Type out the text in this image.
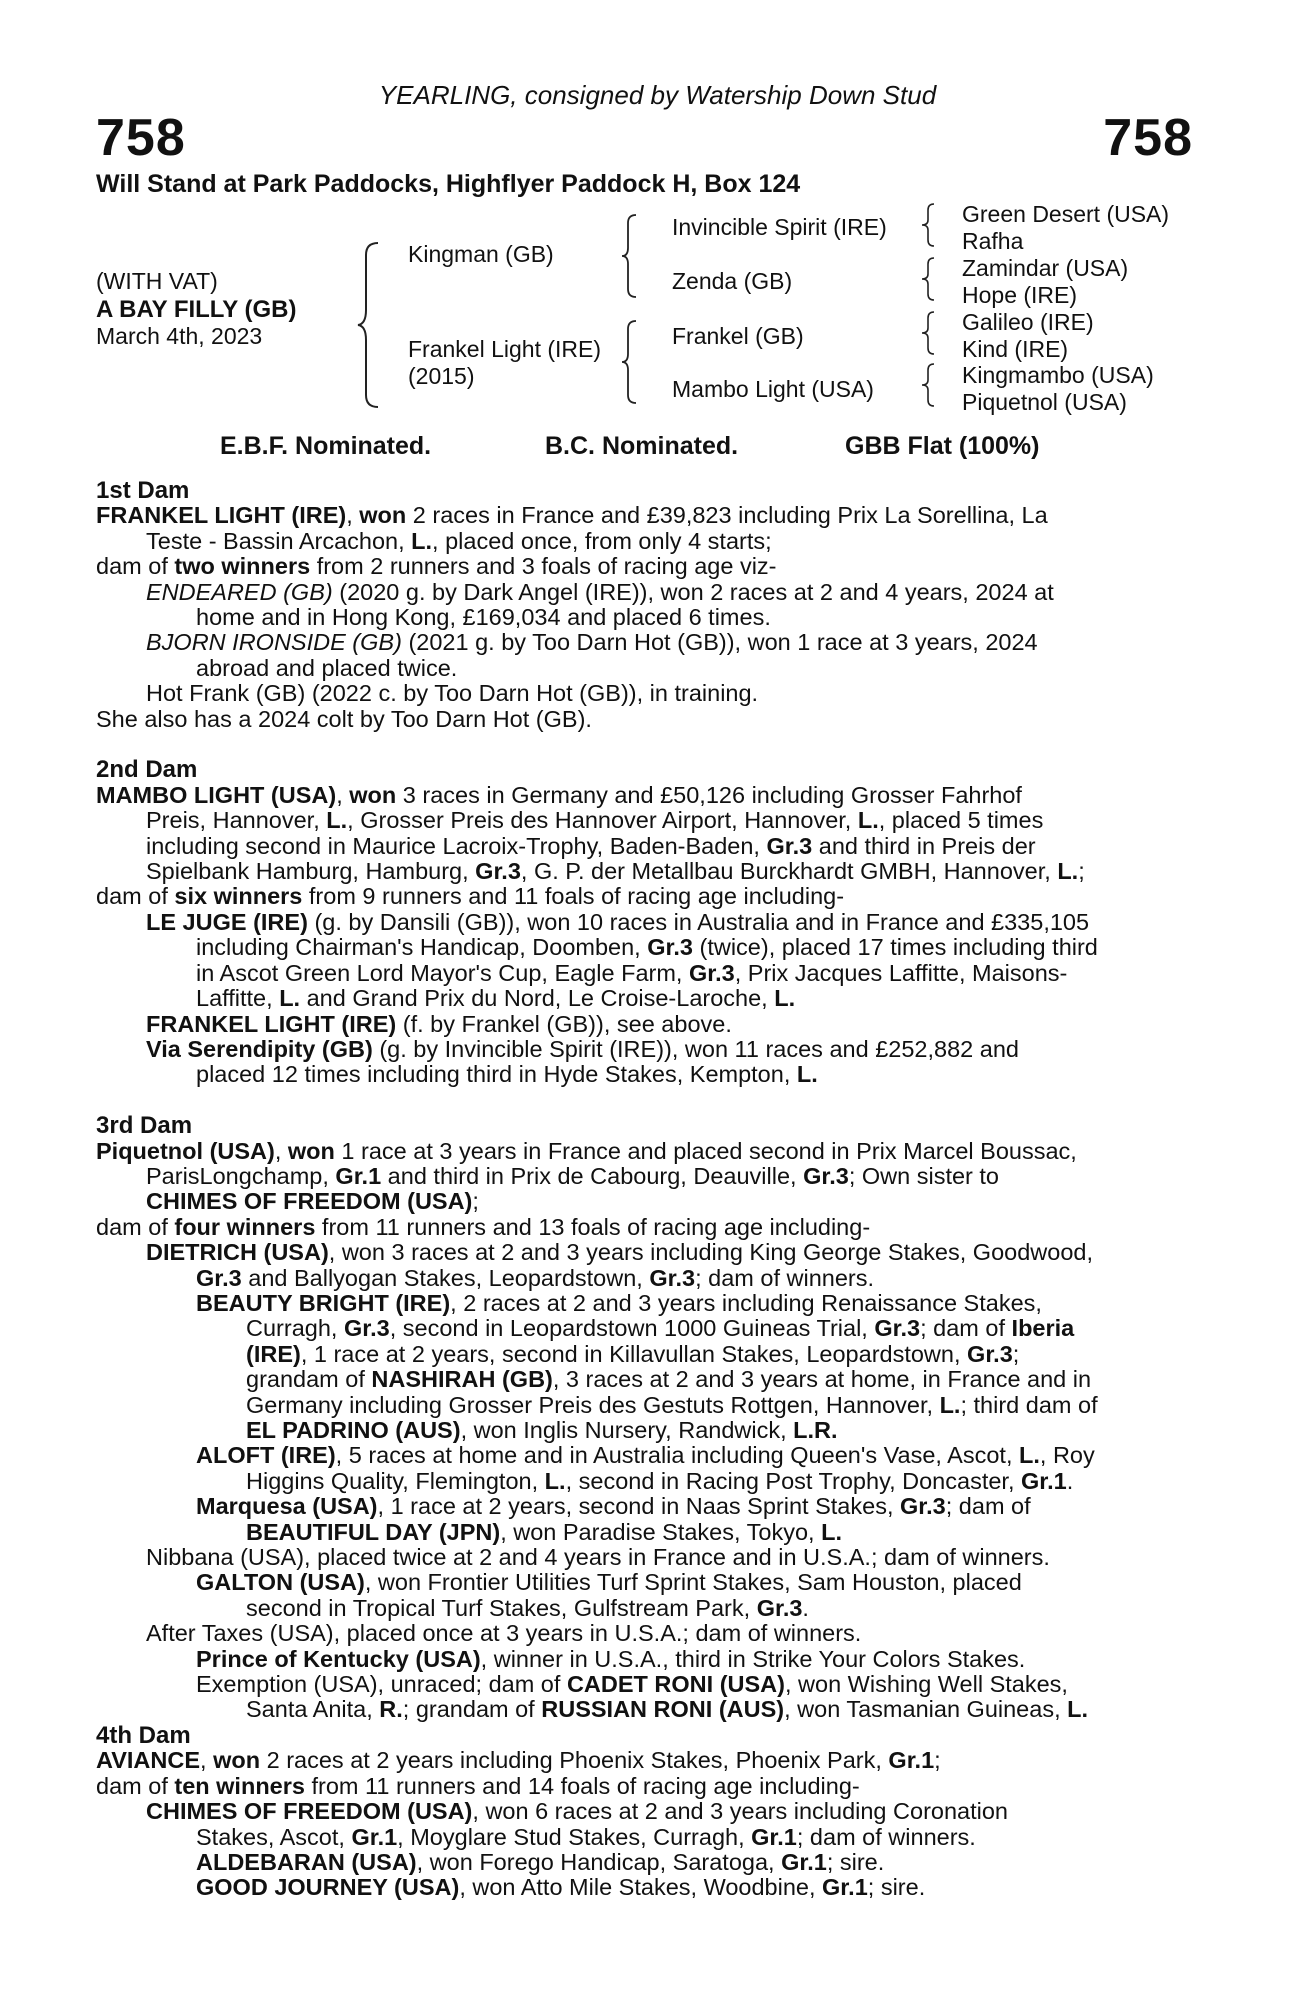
YEARLING, consigned by Watership Down Stud
758	758
Will Stand at Park Paddocks, Highflyer Paddock H, Box 124
(WITH VAT)
A BAY FILLY (GB)
March 4th, 2023
Kingman (GB)
Frankel Light (IRE)
(2015)
Invincible Spirit (IRE)
Zenda (GB)
Frankel (GB)
Mambo Light (USA)
Green Desert (USA)
Rafha
Zamindar (USA)
Hope (IRE)
Galileo (IRE)
Kind (IRE)
Kingmambo (USA)
Piquetnol (USA)
E.B.F. Nominated.	B.C. Nominated.	GBB Flat (100%)
1st Dam
FRANKEL LIGHT (IRE), won 2 races in France and £39,823 including Prix La Sorellina, La
Teste - Bassin Arcachon, L., placed once, from only 4 starts;
dam of two winners from 2 runners and 3 foals of racing age viz-
ENDEARED (GB) (2020 g. by Dark Angel (IRE)), won 2 races at 2 and 4 years, 2024 at
home and in Hong Kong, £169,034 and placed 6 times.
BJORN IRONSIDE (GB) (2021 g. by Too Darn Hot (GB)), won 1 race at 3 years, 2024
abroad and placed twice.
Hot Frank (GB) (2022 c. by Too Darn Hot (GB)), in training.
She also has a 2024 colt by Too Darn Hot (GB).
2nd Dam
MAMBO LIGHT (USA), won 3 races in Germany and £50,126 including Grosser Fahrhof
Preis, Hannover, L., Grosser Preis des Hannover Airport, Hannover, L., placed 5 times
including second in Maurice Lacroix-Trophy, Baden-Baden, Gr.3 and third in Preis der
Spielbank Hamburg, Hamburg, Gr.3, G. P. der Metallbau Burckhardt GMBH, Hannover, L.;
dam of six winners from 9 runners and 11 foals of racing age including-
LE JUGE (IRE) (g. by Dansili (GB)), won 10 races in Australia and in France and £335,105
including Chairman's Handicap, Doomben, Gr.3 (twice), placed 17 times including third
in Ascot Green Lord Mayor's Cup, Eagle Farm, Gr.3, Prix Jacques Laffitte, Maisons-
Laffitte, L. and Grand Prix du Nord, Le Croise-Laroche, L.
FRANKEL LIGHT (IRE) (f. by Frankel (GB)), see above.
Via Serendipity (GB) (g. by Invincible Spirit (IRE)), won 11 races and £252,882 and
placed 12 times including third in Hyde Stakes, Kempton, L.
3rd Dam
Piquetnol (USA), won 1 race at 3 years in France and placed second in Prix Marcel Boussac,
ParisLongchamp, Gr.1 and third in Prix de Cabourg, Deauville, Gr.3; Own sister to
CHIMES OF FREEDOM (USA);
dam of four winners from 11 runners and 13 foals of racing age including-
DIETRICH (USA), won 3 races at 2 and 3 years including King George Stakes, Goodwood,
Gr.3 and Ballyogan Stakes, Leopardstown, Gr.3; dam of winners.
BEAUTY BRIGHT (IRE), 2 races at 2 and 3 years including Renaissance Stakes,
Curragh, Gr.3, second in Leopardstown 1000 Guineas Trial, Gr.3; dam of Iberia
(IRE), 1 race at 2 years, second in Killavullan Stakes, Leopardstown, Gr.3;
grandam of NASHIRAH (GB), 3 races at 2 and 3 years at home, in France and in
Germany including Grosser Preis des Gestuts Rottgen, Hannover, L.; third dam of
EL PADRINO (AUS), won Inglis Nursery, Randwick, L.R.
ALOFT (IRE), 5 races at home and in Australia including Queen's Vase, Ascot, L., Roy
Higgins Quality, Flemington, L., second in Racing Post Trophy, Doncaster, Gr.1.
Marquesa (USA), 1 race at 2 years, second in Naas Sprint Stakes, Gr.3; dam of
BEAUTIFUL DAY (JPN), won Paradise Stakes, Tokyo, L.
Nibbana (USA), placed twice at 2 and 4 years in France and in U.S.A.; dam of winners.
GALTON (USA), won Frontier Utilities Turf Sprint Stakes, Sam Houston, placed
second in Tropical Turf Stakes, Gulfstream Park, Gr.3.
After Taxes (USA), placed once at 3 years in U.S.A.; dam of winners.
Prince of Kentucky (USA), winner in U.S.A., third in Strike Your Colors Stakes.
Exemption (USA), unraced; dam of CADET RONI (USA), won Wishing Well Stakes,
Santa Anita, R.; grandam of RUSSIAN RONI (AUS), won Tasmanian Guineas, L.
4th Dam
AVIANCE, won 2 races at 2 years including Phoenix Stakes, Phoenix Park, Gr.1;
dam of ten winners from 11 runners and 14 foals of racing age including-
CHIMES OF FREEDOM (USA), won 6 races at 2 and 3 years including Coronation
Stakes, Ascot, Gr.1, Moyglare Stud Stakes, Curragh, Gr.1; dam of winners.
ALDEBARAN (USA), won Forego Handicap, Saratoga, Gr.1; sire.
GOOD JOURNEY (USA), won Atto Mile Stakes, Woodbine, Gr.1; sire.
